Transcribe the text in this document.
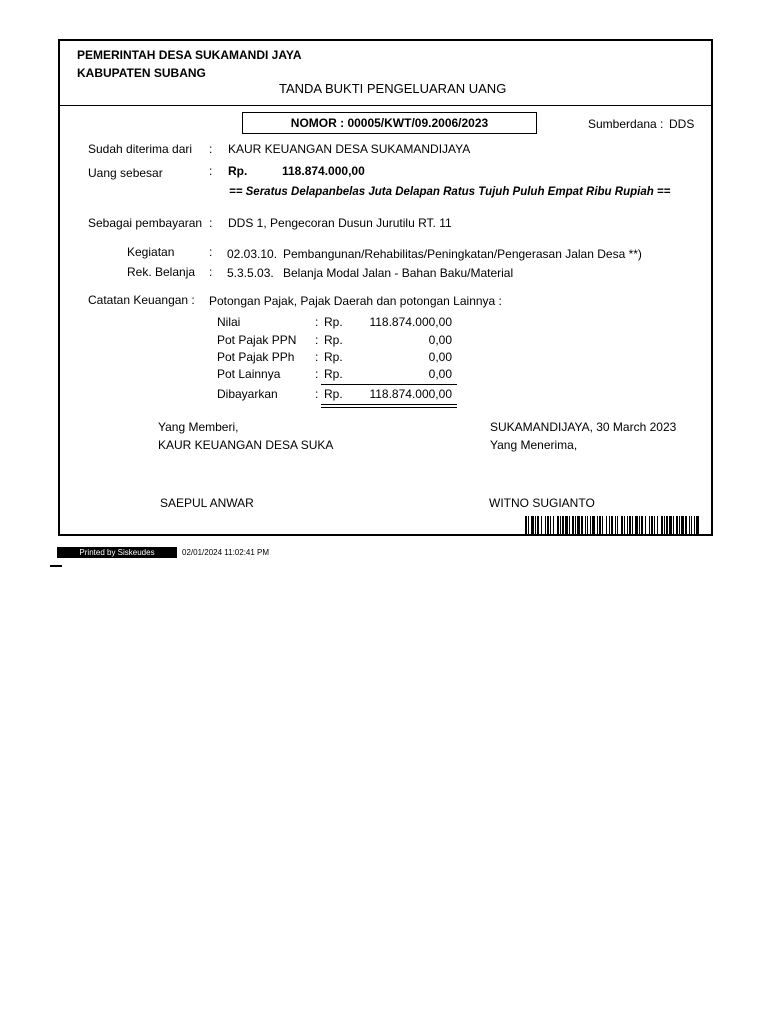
PEMERINTAH DESA SUKAMANDI JAYA
KABUPATEN SUBANG
TANDA BUKTI PENGELUARAN UANG
NOMOR : 00005/KWT/09.2006/2023	Sumberdana : DDS
Sudah diterima dari : KAUR KEUANGAN DESA SUKAMANDIJAYA
Uang sebesar	: Rp.	118.874.000,00
== Seratus Delapanbelas Juta Delapan Ratus Tujuh Puluh Empat Ribu Rupiah ==
Sebagai pembayaran : DDS 1, Pengecoran Dusun Jurutilu RT. 11
Kegiatan	: 02.03.10. Pembangunan/Rehabilitas/Peningkatan/Pengerasan Jalan Desa **)
Rek. Belanja : 5.3.5.03. Belanja Modal Jalan - Bahan Baku/Material
Catatan Keuangan : Potongan Pajak, Pajak Daerah dan potongan Lainnya :
Nilai	: Rp.	118.874.000,00
Pot Pajak PPN : Rp.	0,00
Pot Pajak PPh : Rp.	0,00
Pot Lainnya	: Rp.	0,00
Dibayarkan	: Rp.	118.874.000,00
Yang Memberi,
KAUR KEUANGAN DESA SUKA
SAEPUL ANWAR
SUKAMANDIJAYA, 30 March 2023
Yang Menerima,
WITNO SUGIANTO
Printed by Siskeudes	02/01/2024 11:02:41 PM
